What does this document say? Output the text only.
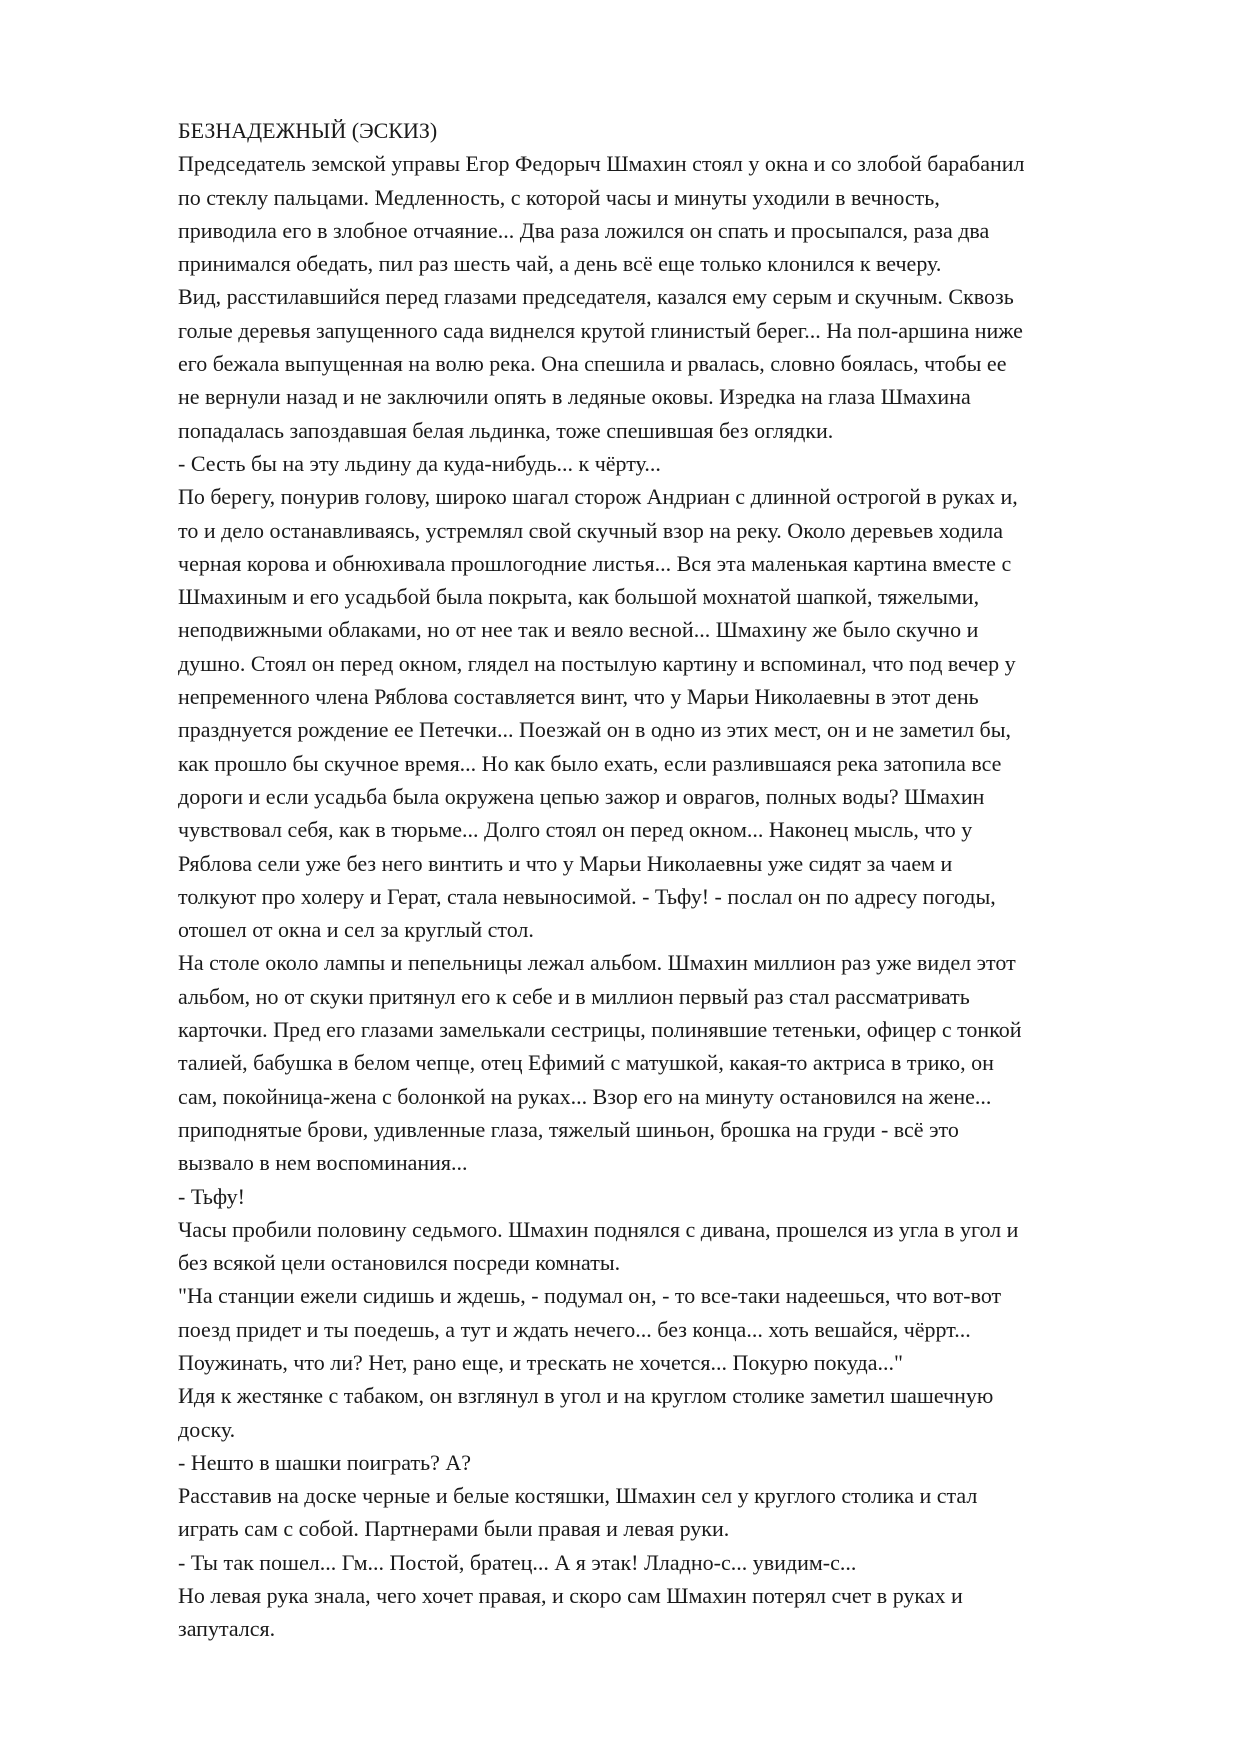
БЕЗНАДЕЖНЫЙ (ЭСКИЗ)
Председатель земской управы Егор Федорыч Шмахин стоял у окна и со злобой барабанил
по стеклу пальцами. Медленность, с которой часы и минуты уходили в вечность,
приводила его в злобное отчаяние... Два раза ложился он спать и просыпался, раза два
принимался обедать, пил раз шесть чай, а день всё еще только клонился к вечеру.
Вид, расстилавшийся перед глазами председателя, казался ему серым и скучным. Сквозь
голые деревья запущенного сада виднелся крутой глинистый берег... На пол-аршина ниже
его бежала выпущенная на волю река. Она спешила и рвалась, словно боялась, чтобы ее
не вернули назад и не заключили опять в ледяные оковы. Изредка на глаза Шмахина
попадалась запоздавшая белая льдинка, тоже спешившая без оглядки.
- Сесть бы на эту льдину да куда-нибудь... к чёрту...
По берегу, понурив голову, широко шагал сторож Андриан с длинной острогой в руках и,
то и дело останавливаясь, устремлял свой скучный взор на реку. Около деревьев ходила
черная корова и обнюхивала прошлогодние листья... Вся эта маленькая картина вместе с
Шмахиным и его усадьбой была покрыта, как большой мохнатой шапкой, тяжелыми,
неподвижными облаками, но от нее так и веяло весной... Шмахину же было скучно и
душно. Стоял он перед окном, глядел на постылую картину и вспоминал, что под вечер у
непременного члена Ряблова составляется винт, что у Марьи Николаевны в этот день
празднуется рождение ее Петечки... Поезжай он в одно из этих мест, он и не заметил бы,
как прошло бы скучное время... Но как было ехать, если разлившаяся река затопила все
дороги и если усадьба была окружена цепью зажор и оврагов, полных воды? Шмахин
чувствовал себя, как в тюрьме... Долго стоял он перед окном... Наконец мысль, что у
Ряблова сели уже без него винтить и что у Марьи Николаевны уже сидят за чаем и
толкуют про холеру и Герат, стала невыносимой. - Тьфу! - послал он по адресу погоды,
отошел от окна и сел за круглый стол.
На столе около лампы и пепельницы лежал альбом. Шмахин миллион раз уже видел этот
альбом, но от скуки притянул его к себе и в миллион первый раз стал рассматривать
карточки. Пред его глазами замелькали сестрицы, полинявшие тетеньки, офицер с тонкой
талией, бабушка в белом чепце, отец Ефимий с матушкой, какая-то актриса в трико, он
сам, покойница-жена с болонкой на руках... Взор его на минуту остановился на жене...
приподнятые брови, удивленные глаза, тяжелый шиньон, брошка на груди - всё это
вызвало в нем воспоминания...
- Тьфу!
Часы пробили половину седьмого. Шмахин поднялся с дивана, прошелся из угла в угол и
без всякой цели остановился посреди комнаты.
"На станции ежели сидишь и ждешь, - подумал он, - то все-таки надеешься, что вот-вот
поезд придет и ты поедешь, а тут и ждать нечего... без конца... хоть вешайся, чёррт...
Поужинать, что ли? Нет, рано еще, и трескать не хочется... Покурю покуда..."
Идя к жестянке с табаком, он взглянул в угол и на круглом столике заметил шашечную
доску.
- Нешто в шашки поиграть? А?
Расставив на доске черные и белые костяшки, Шмахин сел у круглого столика и стал
играть сам с собой. Партнерами были правая и левая руки.
- Ты так пошел... Гм... Постой, братец... А я этак! Лладно-с... увидим-с...
Но левая рука знала, чего хочет правая, и скоро сам Шмахин потерял счет в руках и
запутался.
